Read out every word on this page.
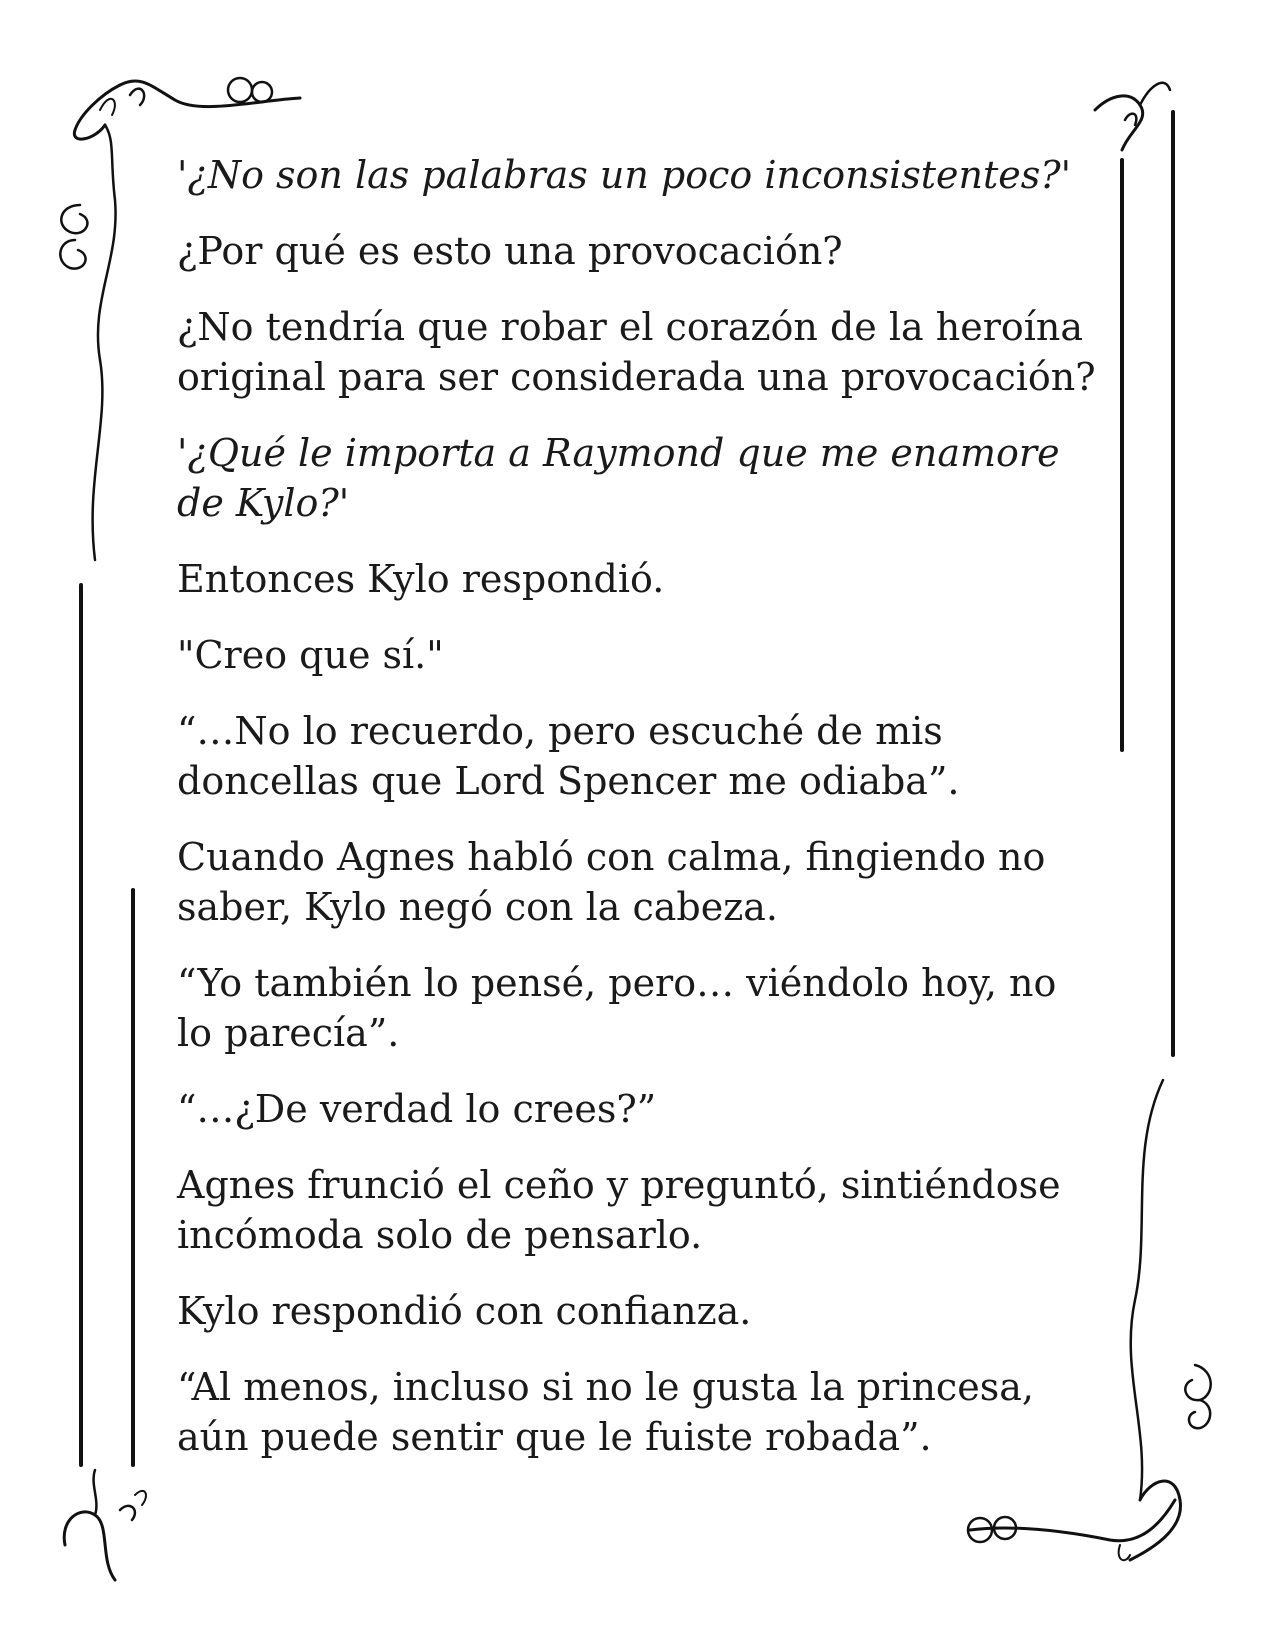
'¿No son las palabras un poco inconsistentes?'

¿Por qué es esto una provocación?

¿No tendría que robar el corazón de la heroína original para ser considerada una provocación?

'¿Qué le importa a Raymond que me enamore de Kylo?'

Entonces Kylo respondió.

"Creo que sí."

“…No lo recuerdo, pero escuché de mis doncellas que Lord Spencer me odiaba”.

Cuando Agnes habló con calma, fingiendo no saber, Kylo negó con la cabeza.

“Yo también lo pensé, pero… viéndolo hoy, no lo parecía”.

“…¿De verdad lo crees?”

Agnes frunció el ceño y preguntó, sintiéndose incómoda solo de pensarlo.

Kylo respondió con confianza.

“Al menos, incluso si no le gusta la princesa, aún puede sentir que le fuiste robada”.
